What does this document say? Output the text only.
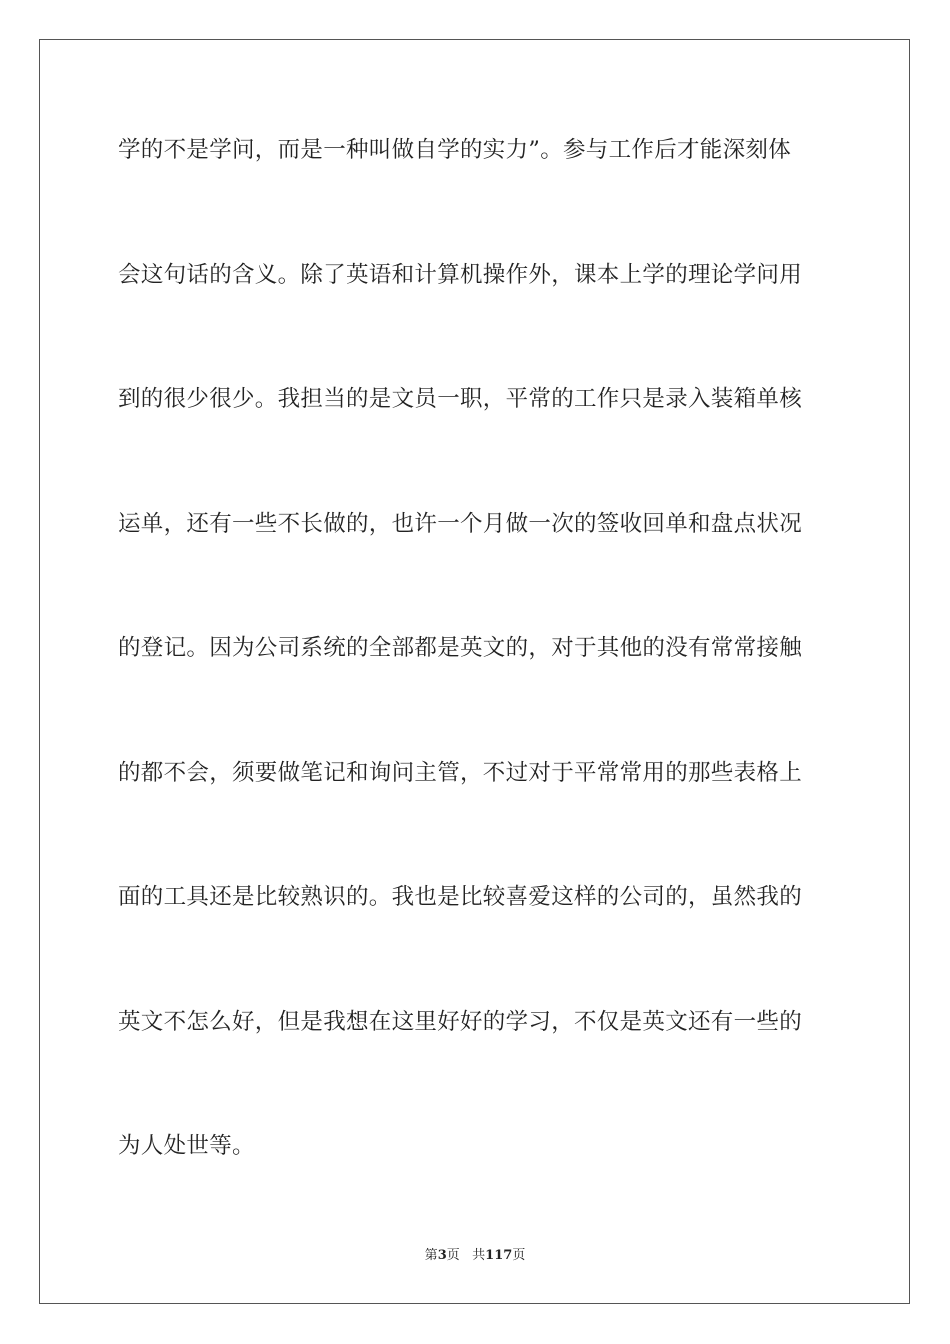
学的不是学问，而是一种叫做自学的实力”。参与工作后才能深刻体
会这句话的含义。除了英语和计算机操作外，课本上学的理论学问用
到的很少很少。我担当的是文员一职，平常的工作只是录入装箱单核
运单，还有一些不长做的，也许一个月做一次的签收回单和盘点状况
的登记。因为公司系统的全部都是英文的，对于其他的没有常常接触
的都不会，须要做笔记和询问主管，不过对于平常常用的那些表格上
面的工具还是比较熟识的。我也是比较喜爱这样的公司的，虽然我的
英文不怎么好，但是我想在这里好好的学习，不仅是英文还有一些的
为人处世等。
第3页 共117页
